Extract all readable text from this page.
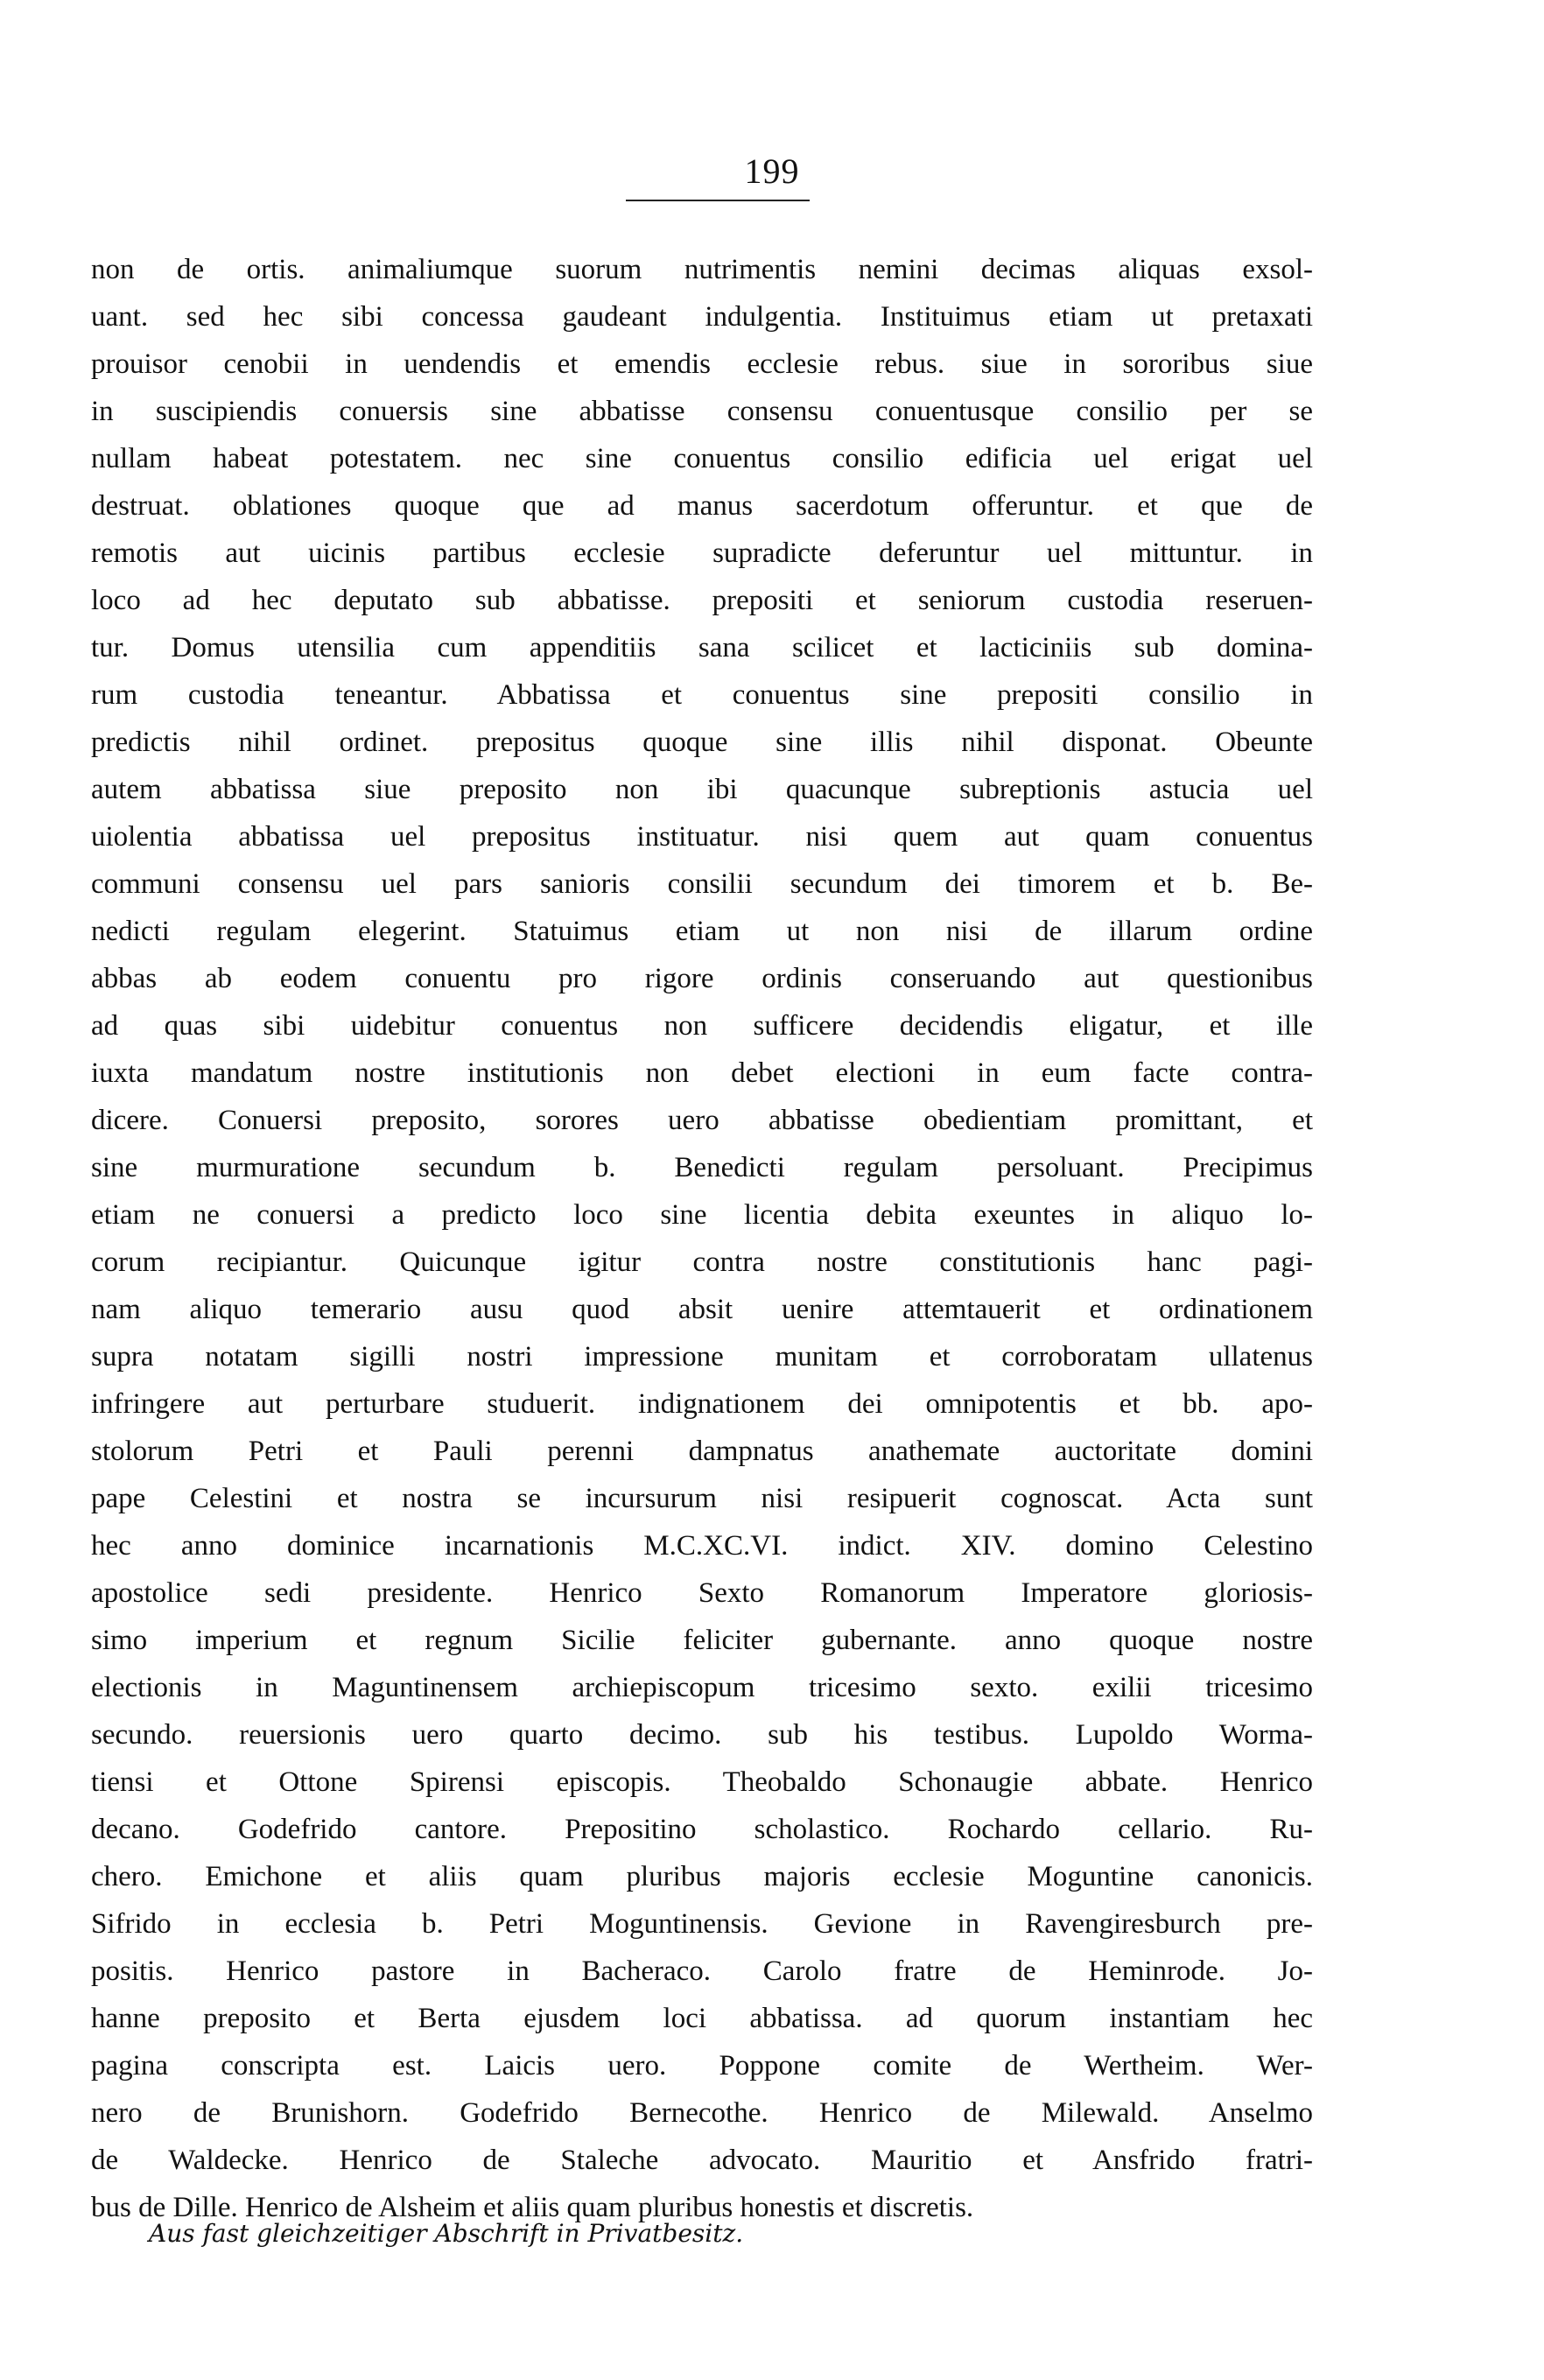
199
non de ortis. animaliumque suorum nutrimentis nemini decimas aliquas exsol-
uant. sed hec sibi concessa gaudeant indulgentia. Instituimus etiam ut pretaxati
prouisor cenobii in uendendis et emendis ecclesie rebus. siue in sororibus siue
in suscipiendis conuersis sine abbatisse consensu conuentusque consilio per se
nullam habeat potestatem. nec sine conuentus consilio edificia uel erigat uel
destruat. oblationes quoque que ad manus sacerdotum offeruntur. et que de
remotis aut uicinis partibus ecclesie supradicte deferuntur uel mittuntur. in
loco ad hec deputato sub abbatisse. prepositi et seniorum custodia reseruen-
tur. Domus utensilia cum appenditiis sana scilicet et lacticiniis sub domina-
rum custodia teneantur. Abbatissa et conuentus sine prepositi consilio in
predictis nihil ordinet. prepositus quoque sine illis nihil disponat. Obeunte
autem abbatissa siue preposito non ibi quacunque subreptionis astucia uel
uiolentia abbatissa uel prepositus instituatur. nisi quem aut quam conuentus
communi consensu uel pars sanioris consilii secundum dei timorem et b. Be-
nedicti regulam elegerint. Statuimus etiam ut non nisi de illarum ordine
abbas ab eodem conuentu pro rigore ordinis conseruando aut questionibus
ad quas sibi uidebitur conuentus non sufficere decidendis eligatur, et ille
iuxta mandatum nostre institutionis non debet electioni in eum facte contra-
dicere. Conuersi preposito, sorores uero abbatisse obedientiam promittant, et
sine murmuratione secundum b. Benedicti regulam persoluant. Precipimus
etiam ne conuersi a predicto loco sine licentia debita exeuntes in aliquo lo-
corum recipiantur. Quicunque igitur contra nostre constitutionis hanc pagi-
nam aliquo temerario ausu quod absit uenire attemtauerit et ordinationem
supra notatam sigilli nostri impressione munitam et corroboratam ullatenus
infringere aut perturbare studuerit. indignationem dei omnipotentis et bb. apo-
stolorum Petri et Pauli perenni dampnatus anathemate auctoritate domini
pape Celestini et nostra se incursurum nisi resipuerit cognoscat. Acta sunt
hec anno dominice incarnationis M.C.XC.VI. indict. XIV. domino Celestino
apostolice sedi presidente. Henrico Sexto Romanorum Imperatore gloriosis-
simo imperium et regnum Sicilie feliciter gubernante. anno quoque nostre
electionis in Maguntinensem archiepiscopum tricesimo sexto. exilii tricesimo
secundo. reuersionis uero quarto decimo. sub his testibus. Lupoldo Worma-
tiensi et Ottone Spirensi episcopis. Theobaldo Schonaugie abbate. Henrico
decano. Godefrido cantore. Prepositino scholastico. Rochardo cellario. Ru-
chero. Emichone et aliis quam pluribus majoris ecclesie Moguntine canonicis.
Sifrido in ecclesia b. Petri Moguntinensis. Gevione in Ravengiresburch pre-
positis. Henrico pastore in Bacheraco. Carolo fratre de Heminrode. Jo-
hanne preposito et Berta ejusdem loci abbatissa. ad quorum instantiam hec
pagina conscripta est. Laicis uero. Poppone comite de Wertheim. Wer-
nero de Brunishorn. Godefrido Bernecothe. Henrico de Milewald. Anselmo
de Waldecke. Henrico de Staleche advocato. Mauritio et Ansfrido fratri-
bus de Dille. Henrico de Alsheim et aliis quam pluribus honestis et discretis.
Aus fast gleichzeitiger Abschrift in Privatbesitz.
